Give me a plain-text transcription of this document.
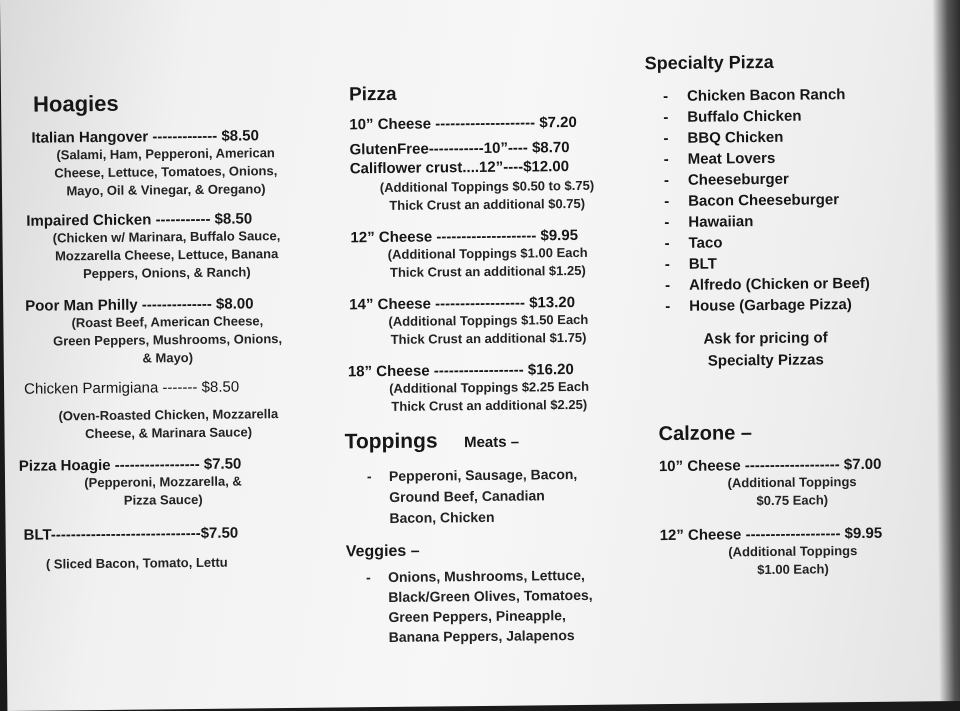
Hoagies
Italian Hangover ------------- $8.50
(Salami, Ham, Pepperoni, American
Cheese, Lettuce, Tomatoes, Onions,
Mayo, Oil & Vinegar, & Oregano)
Impaired Chicken ----------- $8.50
(Chicken w/ Marinara, Buffalo Sauce,
Mozzarella Cheese, Lettuce, Banana
Peppers, Onions, & Ranch)
Poor Man Philly -------------- $8.00
(Roast Beef, American Cheese,
Green Peppers, Mushrooms, Onions,
& Mayo)
Chicken Parmigiana ------- $8.50
(Oven-Roasted Chicken, Mozzarella
Cheese, & Marinara Sauce)
Pizza Hoagie ----------------- $7.50
(Pepperoni, Mozzarella, &
Pizza Sauce)
BLT------------------------------$7.50
( Sliced Bacon, Tomato, Lettu
Pizza
10” Cheese -------------------- $7.20
GlutenFree-----------10”---- $8.70
Califlower crust....12”----$12.00
(Additional Toppings $0.50 to $.75)
Thick Crust an additional $0.75)
12” Cheese -------------------- $9.95
(Additional Toppings $1.00 Each
Thick Crust an additional $1.25)
14” Cheese ------------------ $13.20
(Additional Toppings $1.50 Each
Thick Crust an additional $1.75)
18” Cheese ------------------ $16.20
(Additional Toppings $2.25 Each
Thick Crust an additional $2.25)
Toppings Meats –
- Pepperoni, Sausage, Bacon,
Ground Beef, Canadian
Bacon, Chicken
Veggies –
- Onions, Mushrooms, Lettuce,
Black/Green Olives, Tomatoes,
Green Peppers, Pineapple,
Banana Peppers, Jalapenos
Specialty Pizza
- Chicken Bacon Ranch
- Buffalo Chicken
- BBQ Chicken
- Meat Lovers
- Cheeseburger
- Bacon Cheeseburger
- Hawaiian
- Taco
- BLT
- Alfredo (Chicken or Beef)
- House (Garbage Pizza)
Ask for pricing of
Specialty Pizzas
Calzone –
10” Cheese ------------------- $7.00
(Additional Toppings
$0.75 Each)
12” Cheese ------------------- $9.95
(Additional Toppings
$1.00 Each)
